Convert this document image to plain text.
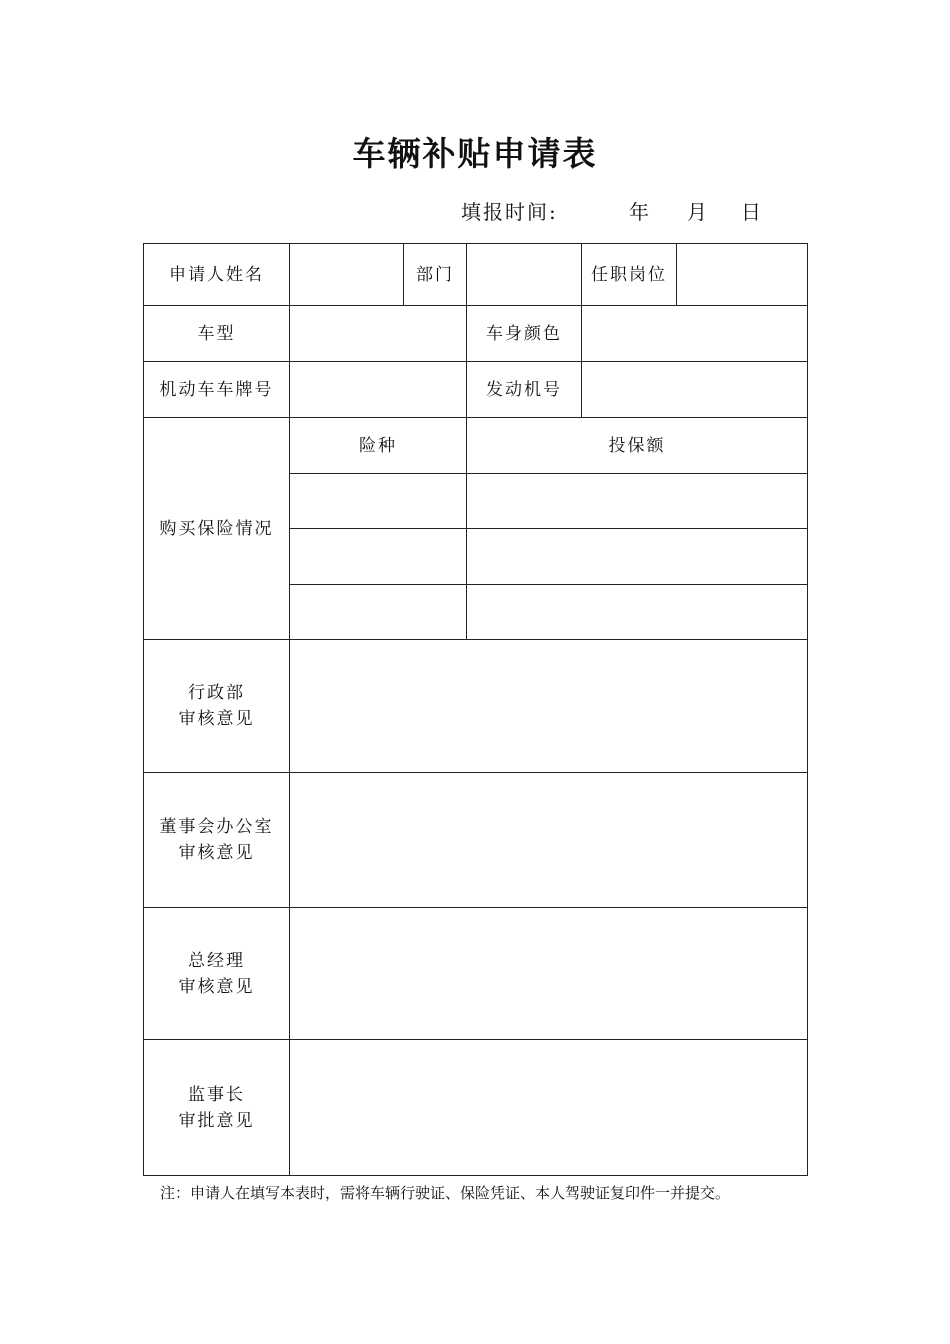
车辆补贴申请表
填报时间:	年 月 日
申请人姓名		部门		任职岗位	
车型			车身颜色		
机动车车牌号			发动机号		
购买保险情况	险种		投保额		

行政部
审核意见					

董事会办公室
审核意见					

总经理
审核意见					

监事长
审批意见					

注：申请人在填写本表时，需将车辆行驶证、保险凭证、本人驾驶证复印件一并提交。
